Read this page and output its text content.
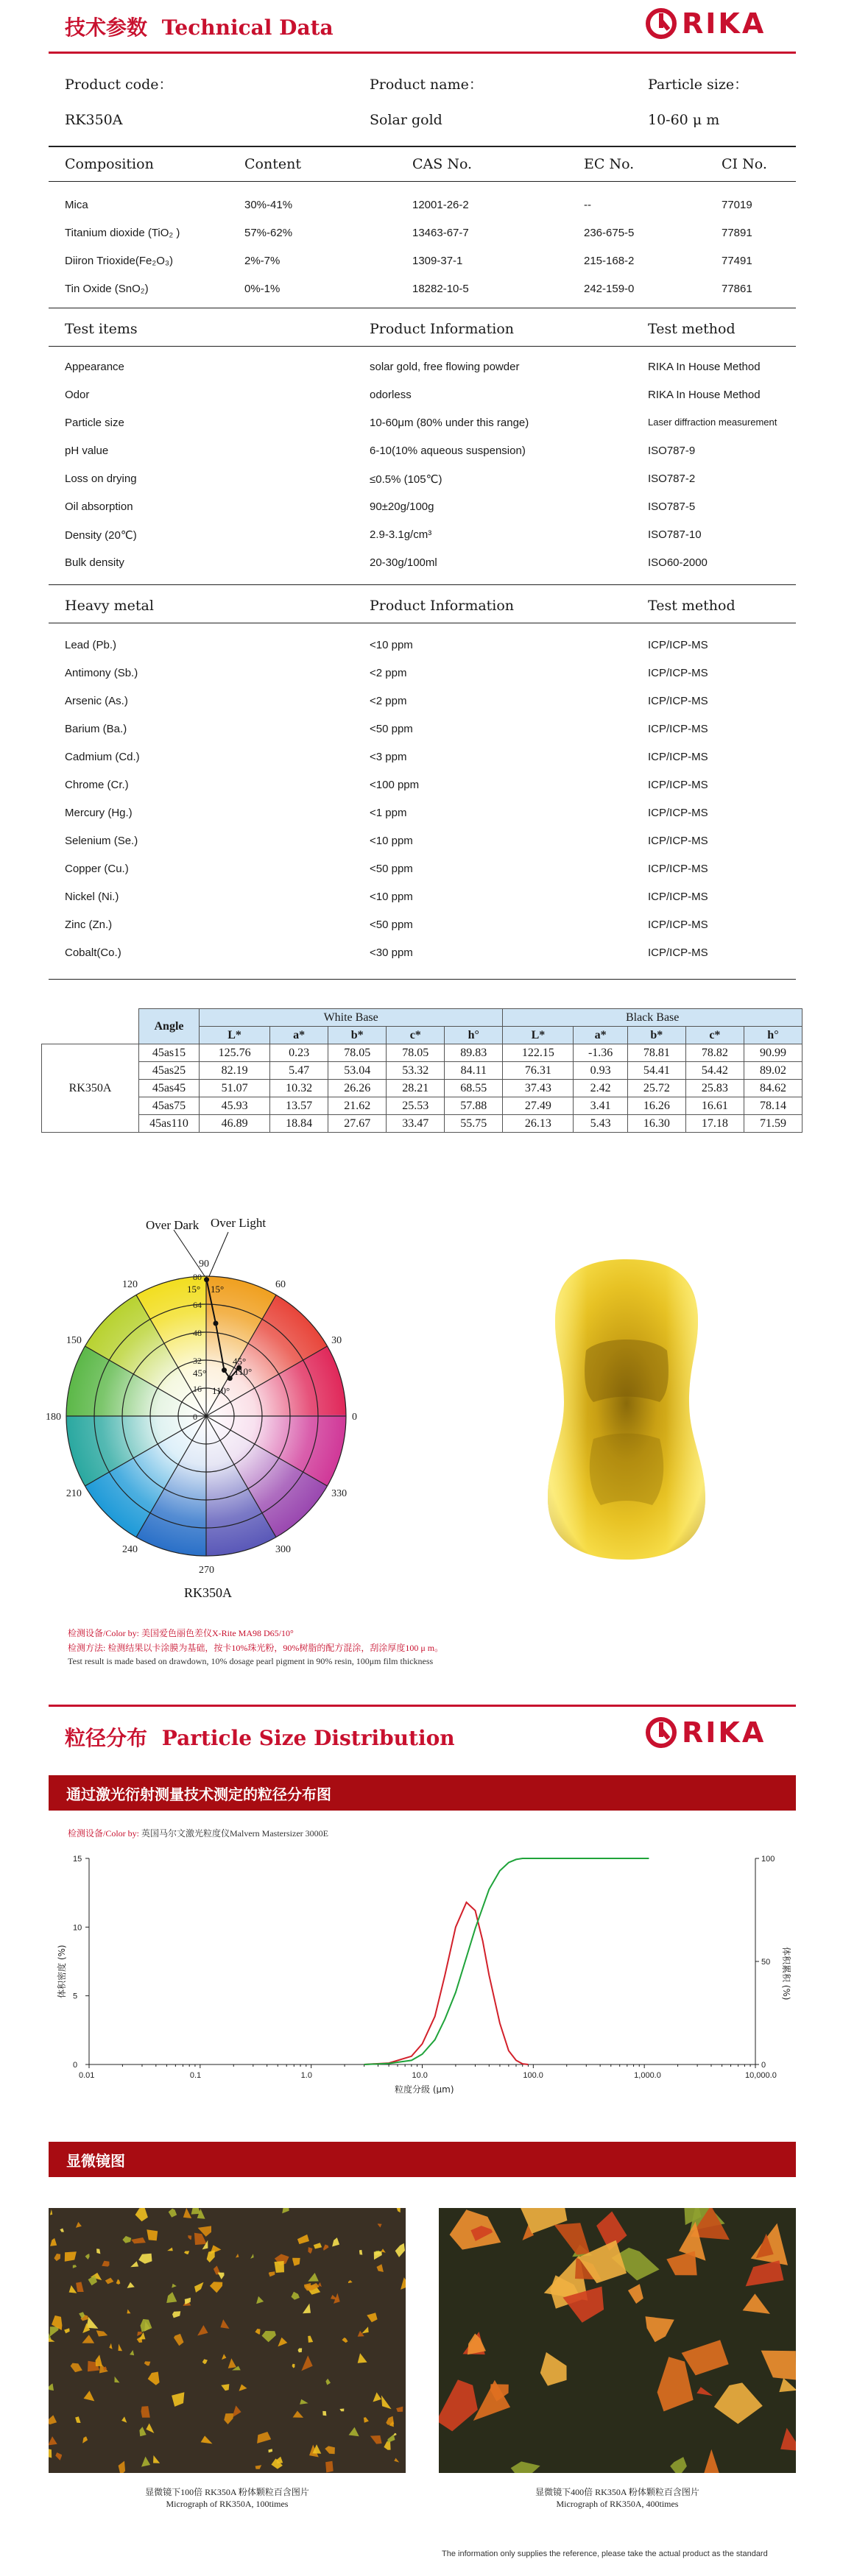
技术参数 Technical Data	RIKA
Product code：	Product name：	Particle size：
RK350A	Solar gold	10-60 μ m
Composition	Content	CAS No.	EC No.	CI No.
Mica	30%-41%	12001-26-2	--	77019
Titanium dioxide (TiO₂ )	57%-62%	13463-67-7	236-675-5	77891
Diiron Trioxide(Fe₂O₃)	2%-7%	1309-37-1	215-168-2	77491
Tin Oxide (SnO₂)	0%-1%	18282-10-5	242-159-0	77861
Test items	Product Information	Test method
Appearance	solar gold, free flowing powder	RIKA In House Method
Odor	odorless	RIKA In House Method
Particle size	10-60μm (80% under this range)	Laser diffraction measurement
pH value	6-10(10% aqueous suspension)	ISO787-9
Loss on drying	≤0.5% (105℃)	ISO787-2
Oil absorption	90±20g/100g	ISO787-5
Density (20℃)	2.9-3.1g/cm³	ISO787-10
Bulk density	20-30g/100ml	ISO60-2000
Heavy metal	Product Information	Test method
Lead (Pb.)	<10 ppm	ICP/ICP-MS
Antimony (Sb.)	<2 ppm	ICP/ICP-MS
Arsenic (As.)	<2 ppm	ICP/ICP-MS
Barium (Ba.)	<50 ppm	ICP/ICP-MS
Cadmium (Cd.)	<3 ppm	ICP/ICP-MS
Chrome (Cr.)	<100 ppm	ICP/ICP-MS
Mercury (Hg.)	<1 ppm	ICP/ICP-MS
Selenium (Se.)	<10 ppm	ICP/ICP-MS
Copper (Cu.)	<50 ppm	ICP/ICP-MS
Nickel (Ni.)	<10 ppm	ICP/ICP-MS
Zinc (Zn.)	<50 ppm	ICP/ICP-MS
Cobalt(Co.)	<30 ppm	ICP/ICP-MS
	Angle	White Base					Black Base				
		L*	a*	b*	c*	h°	L*	a*	b*	c*	h°
RK350A	45as15	125.76	0.23	78.05	78.05	89.83	122.15	-1.36	78.81	78.82	90.99
	45as25	82.19	5.47	53.04	53.32	84.11	76.31	0.93	54.41	54.42	89.02
	45as45	51.07	10.32	26.26	28.21	68.55	37.43	2.42	25.72	25.83	84.62
	45as75	45.93	13.57	21.62	25.53	57.88	27.49	3.41	16.26	16.61	78.14
	45as110	46.89	18.84	27.67	33.47	55.75	26.13	5.43	16.30	17.18	71.59
90
60
30
0
330
300
270
240
210
180
150
120
80
64
48
32
16
0
15° 15°
45°
45°	110°
110°
Over Dark Over Light
RK350A
检测设备/Color by: 美国爱色丽色差仪X-Rite MA98 D65/10°
检测方法: 检测结果以卡涂膜为基础，按卡10%珠光粉，90%树脂的配方混涂，刮涂厚度100 μ m。
Test result is made based on drawdown, 10% dosage pearl pigment in 90% resin, 100μm film thickness
粒径分布 Particle Size Distribution	RIKA
通过激光衍射测量技术测定的粒径分布图
检测设备/Color by: 英国马尔文激光粒度仪Malvern Mastersizer 3000E
0.01	0.1	1.0	10.0	100.0	1,000.0	10,000.0
0
5
10
15
0
50
100
粒度分级 (μm)
体积密度 (%)	体积累积 (%)
显微镜图
显微镜下100倍 RK350A 粉体颗粒百含图片
Micrograph of RK350A, 100times
显微镜下400倍 RK350A 粉体颗粒百含图片
Micrograph of RK350A, 400times
The information only supplies the reference, please take the actual product as the standard
